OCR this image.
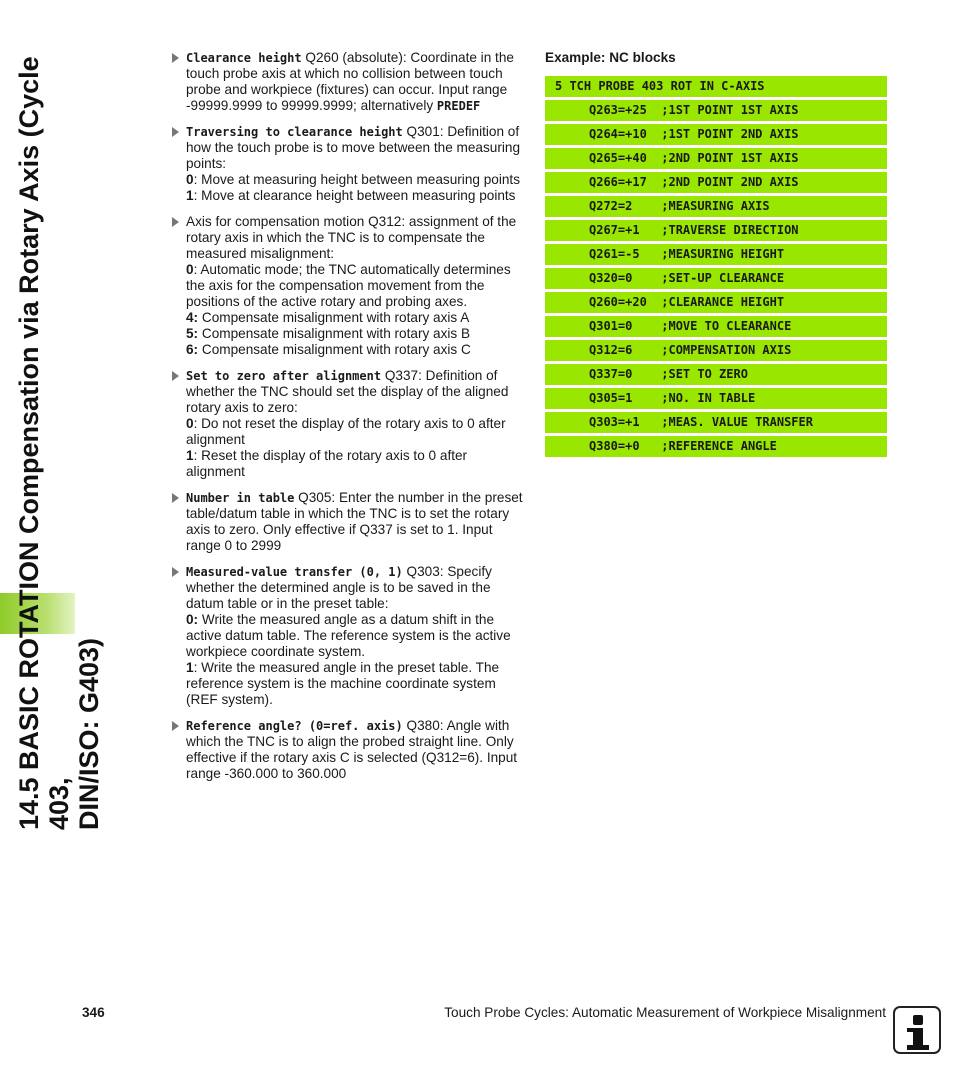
14.5 BASIC ROTATION Compensation via Rotary Axis (Cycle 403,
DIN/ISO: G403)
Clearance height Q260 (absolute): Coordinate in the touch probe axis at which no collision between touch probe and workpiece (fixtures) can occur. Input range -99999.9999 to 99999.9999; alternatively PREDEF
Traversing to clearance height Q301: Definition of how the touch probe is to move between the measuring points:
0: Move at measuring height between measuring points
1: Move at clearance height between measuring points
Axis for compensation motion Q312: assignment of the rotary axis in which the TNC is to compensate the measured misalignment:
0: Automatic mode; the TNC automatically determines the axis for the compensation movement from the positions of the active rotary and probing axes.
4: Compensate misalignment with rotary axis A
5: Compensate misalignment with rotary axis B
6: Compensate misalignment with rotary axis C
Set to zero after alignment Q337: Definition of whether the TNC should set the display of the aligned rotary axis to zero:
0: Do not reset the display of the rotary axis to 0 after alignment
1: Reset the display of the rotary axis to 0 after alignment
Number in table Q305: Enter the number in the preset table/datum table in which the TNC is to set the rotary axis to zero. Only effective if Q337 is set to 1. Input range 0 to 2999
Measured-value transfer (0, 1) Q303: Specify whether the determined angle is to be saved in the datum table or in the preset table:
0: Write the measured angle as a datum shift in the active datum table. The reference system is the active workpiece coordinate system.
1: Write the measured angle in the preset table. The reference system is the machine coordinate system (REF system).
Reference angle? (0=ref. axis) Q380: Angle with which the TNC is to align the probed straight line. Only effective if the rotary axis C is selected (Q312=6). Input range -360.000 to 360.000
Example: NC blocks
5 TCH PROBE 403 ROT IN C-AXIS
Q263=+25  ;1ST POINT 1ST AXIS
Q264=+10  ;1ST POINT 2ND AXIS
Q265=+40  ;2ND POINT 1ST AXIS
Q266=+17  ;2ND POINT 2ND AXIS
Q272=2    ;MEASURING AXIS
Q267=+1   ;TRAVERSE DIRECTION
Q261=-5   ;MEASURING HEIGHT
Q320=0    ;SET-UP CLEARANCE
Q260=+20  ;CLEARANCE HEIGHT
Q301=0    ;MOVE TO CLEARANCE
Q312=6    ;COMPENSATION AXIS
Q337=0    ;SET TO ZERO
Q305=1    ;NO. IN TABLE
Q303=+1   ;MEAS. VALUE TRANSFER
Q380=+0   ;REFERENCE ANGLE
346	Touch Probe Cycles: Automatic Measurement of Workpiece Misalignment
